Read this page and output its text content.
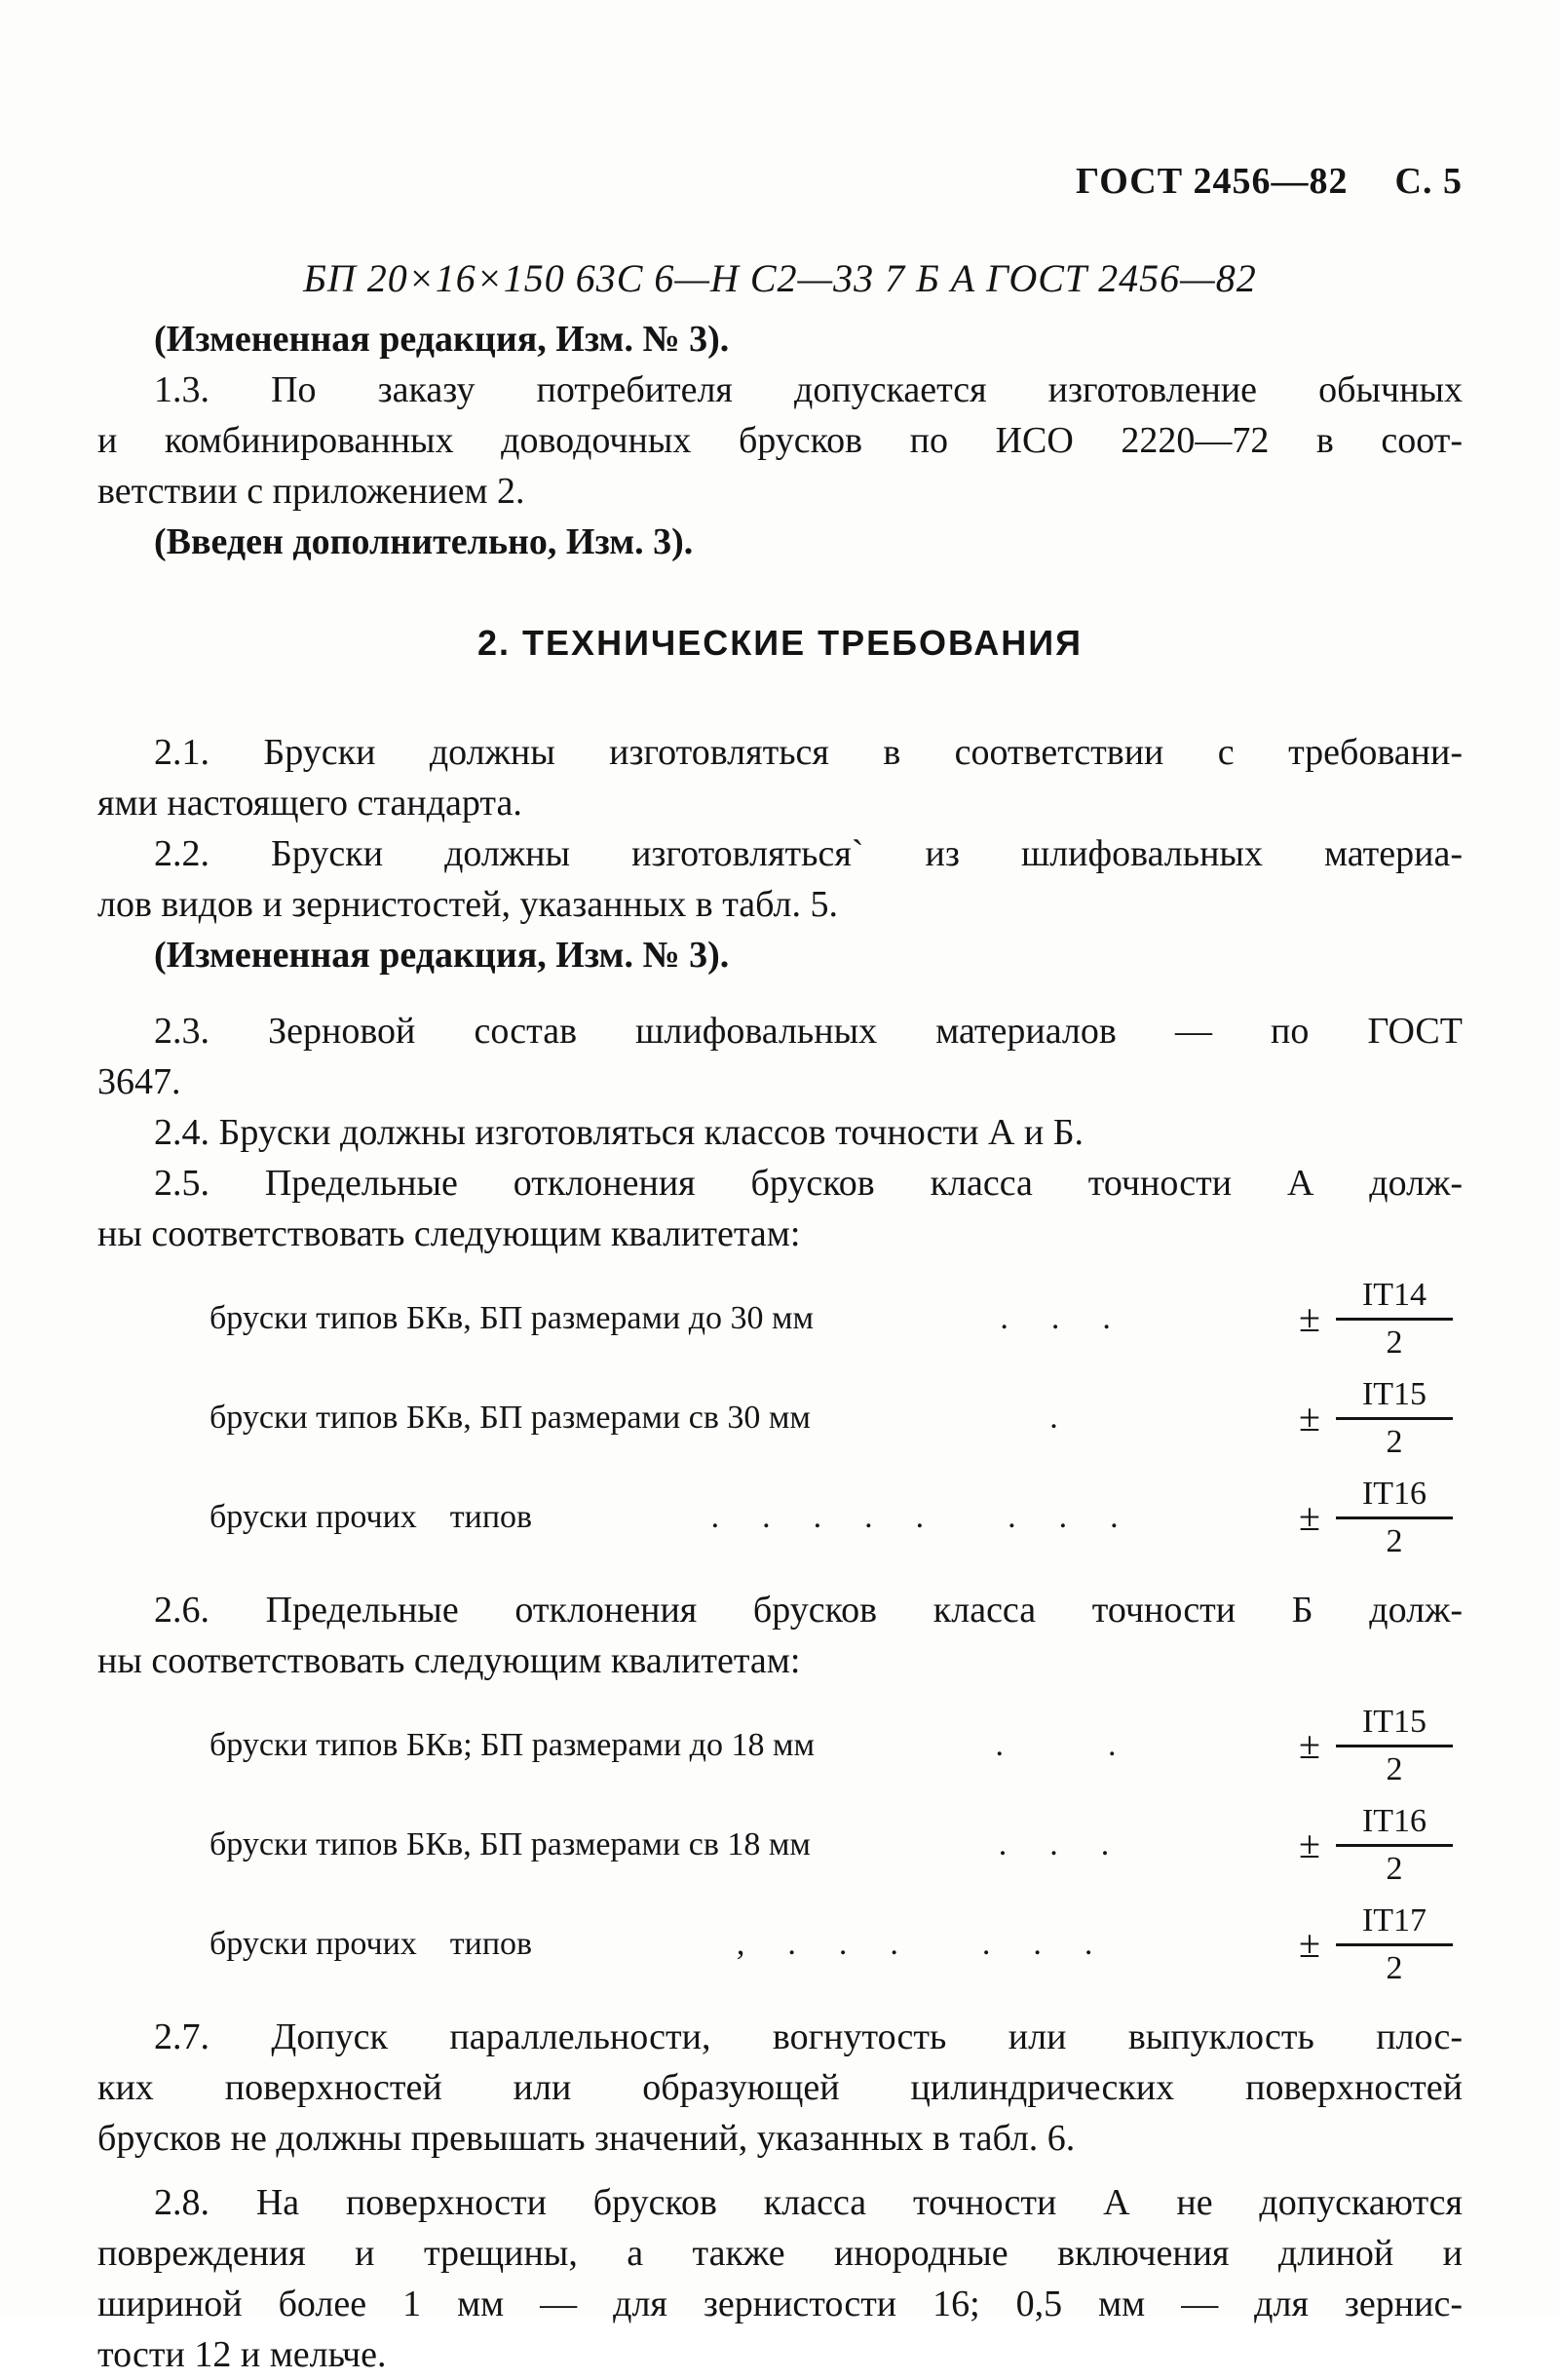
ГОСТ 2456—82 С. 5
БП 20×16×150 63С 6—Н С2—33 7 Б А ГОСТ 2456—82
(Измененная редакция, Изм. № 3).
1.3. По заказу потребителя допускается изготовление обычных
и комбинированных доводочных брусков по ИСО 2220—72 в соот-
ветствии с приложением 2.
(Введен дополнительно, Изм. 3).
2. ТЕХНИЧЕСКИЕ ТРЕБОВАНИЯ
2.1. Бруски должны изготовляться в соответствии с требовани-
ями настоящего стандарта.
2.2. Бруски должны изготовляться` из шлифовальных материа-
лов видов и зернистостей, указанных в табл. 5.
(Измененная редакция, Изм. № 3).
2.3. Зерновой состав шлифовальных материалов — по ГОСТ
3647.
2.4. Бруски должны изготовляться классов точности А и Б.
2.5. Предельные отклонения брусков класса точности А долж-
ны соответствовать следующим квалитетам:
бруски типов БКв, БП размерами до 30 мм	.    .    .	± $\frac{IT14}{2}$
бруски типов БКв, БП размерами св 30 мм	.	± $\frac{IT15}{2}$
бруски прочих    типов	.    .    .    .    .        .    .    .	± $\frac{IT16}{2}$
2.6. Предельные отклонения брусков класса точности Б долж-
ны соответствовать следующим квалитетам:
бруски типов БКв; БП размерами до 18 мм	.          .	± $\frac{IT15}{2}$
бруски типов БКв, БП размерами св 18 мм	.    .    .	± $\frac{IT16}{2}$
бруски прочих    типов	,    .    .    .        .    .    .	± $\frac{IT17}{2}$
2.7. Допуск параллельности, вогнутость или выпуклость плос-
ких поверхностей или образующей цилиндрических поверхностей
брусков не должны превышать значений, указанных в табл. 6.
2.8. На поверхности брусков класса точности А не допускаются
повреждения и трещины, а также инородные включения длиной и
шириной более 1 мм — для зернистости 16; 0,5 мм — для зернис-
тости 12 и мельче.
